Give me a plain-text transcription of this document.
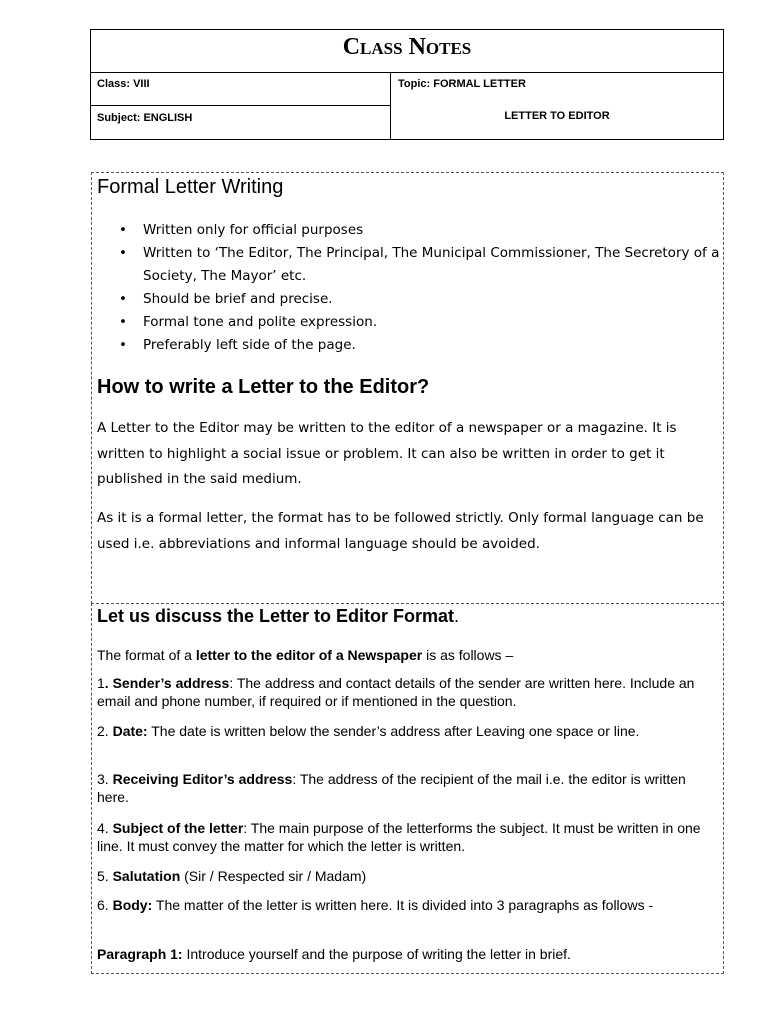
Class Notes
Class: VIII
Subject: ENGLISH
Topic: FORMAL LETTER
LETTER TO EDITOR
Formal Letter Writing
• Written only for official purposes
• Written to ‘The Editor, The Principal, The Municipal Commissioner, The Secretory of a Society, The Mayor’ etc.
• Should be brief and precise.
• Formal tone and polite expression.
• Preferably left side of the page.
How to write a Letter to the Editor?

A Letter to the Editor may be written to the editor of a newspaper or a magazine. It is written to highlight a social issue or problem. It can also be written in order to get it published in the said medium.

As it is a formal letter, the format has to be followed strictly. Only formal language can be used i.e. abbreviations and informal language should be avoided.

Let us discuss the Letter to Editor Format.

The format of a letter to the editor of a Newspaper is as follows –

1. Sender’s address: The address and contact details of the sender are written here. Include an email and phone number, if required or if mentioned in the question.

2. Date: The date is written below the sender’s address after Leaving one space or line.

3. Receiving Editor’s address: The address of the recipient of the mail i.e. the editor is written here.

4. Subject of the letter: The main purpose of the letterforms the subject. It must be written in one line. It must convey the matter for which the letter is written.

5. Salutation (Sir / Respected sir / Madam)

6. Body: The matter of the letter is written here. It is divided into 3 paragraphs as follows -

Paragraph 1: Introduce yourself and the purpose of writing the letter in brief.
